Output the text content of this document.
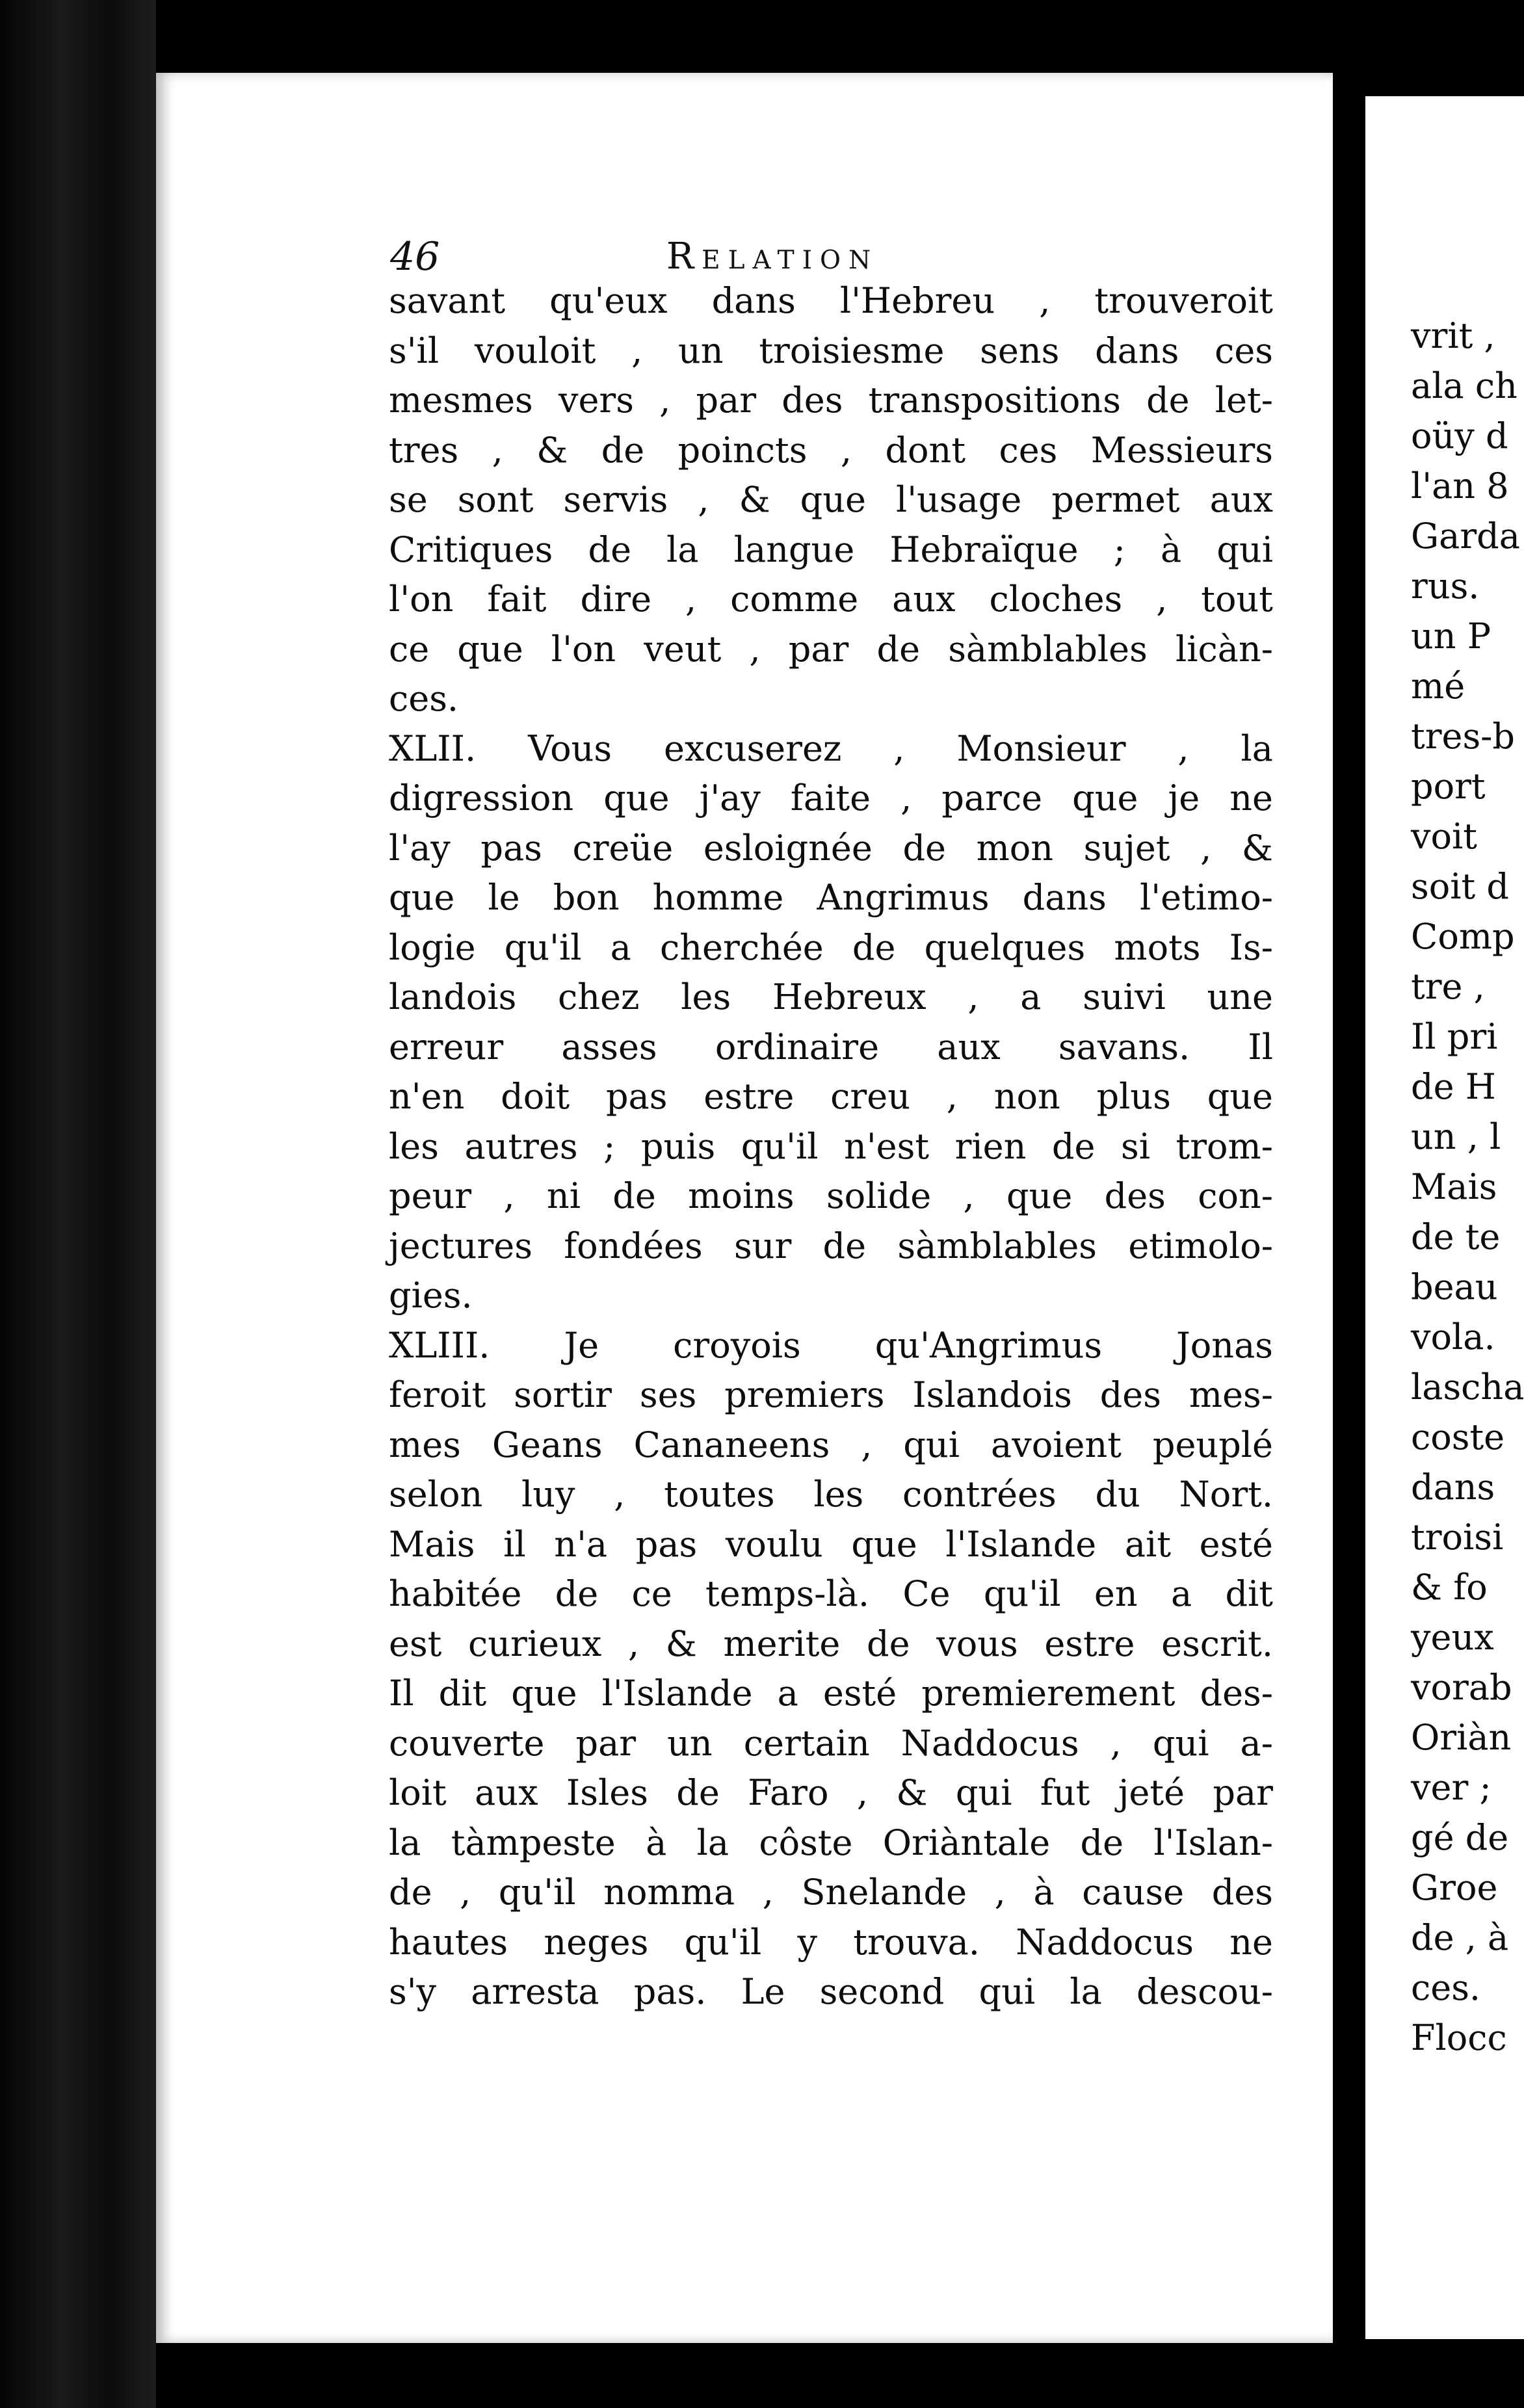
vrit ,
ala ch
oüy d
l'an 8
Garda
rus.
un P
mé
tres-b
port
voit
soit d
Comp
tre ,
Il pri
de H
un , l
Mais
de te
beau
vola.
lascha
coste
dans
troisi
& fo
yeux
vorab
Oriàn
ver ;
gé de
Groe
de , à
ces.
Flocc
46	Relation
savant qu'eux dans l'Hebreu , trouveroit
s'il vouloit , un troisiesme sens dans ces
mesmes vers , par des transpositions de let-
tres , & de poincts , dont ces Messieurs
se sont servis , & que l'usage permet aux
Critiques de la langue Hebraïque ; à qui
l'on fait dire , comme aux cloches , tout
ce que l'on veut , par de sàmblables licàn-
ces.
XLII. Vous excuserez , Monsieur , la
digression que j'ay faite , parce que je ne
l'ay pas creüe esloignée de mon sujet , &
que le bon homme Angrimus dans l'etimo-
logie qu'il a cherchée de quelques mots Is-
landois chez les Hebreux , a suivi une
erreur asses ordinaire aux savans. Il
n'en doit pas estre creu , non plus que
les autres ; puis qu'il n'est rien de si trom-
peur , ni de moins solide , que des con-
jectures fondées sur de sàmblables etimolo-
gies.
XLIII. Je croyois qu'Angrimus Jonas
feroit sortir ses premiers Islandois des mes-
mes Geans Cananeens , qui avoient peuplé
selon luy , toutes les contrées du Nort.
Mais il n'a pas voulu que l'Islande ait esté
habitée de ce temps-là. Ce qu'il en a dit
est curieux , & merite de vous estre escrit.
Il dit que l'Islande a esté premierement des-
couverte par un certain Naddocus , qui a-
loit aux Isles de Faro , & qui fut jeté par
la tàmpeste à la côste Oriàntale de l'Islan-
de , qu'il nomma , Snelande , à cause des
hautes neges qu'il y trouva. Naddocus ne
s'y arresta pas. Le second qui la descou-
